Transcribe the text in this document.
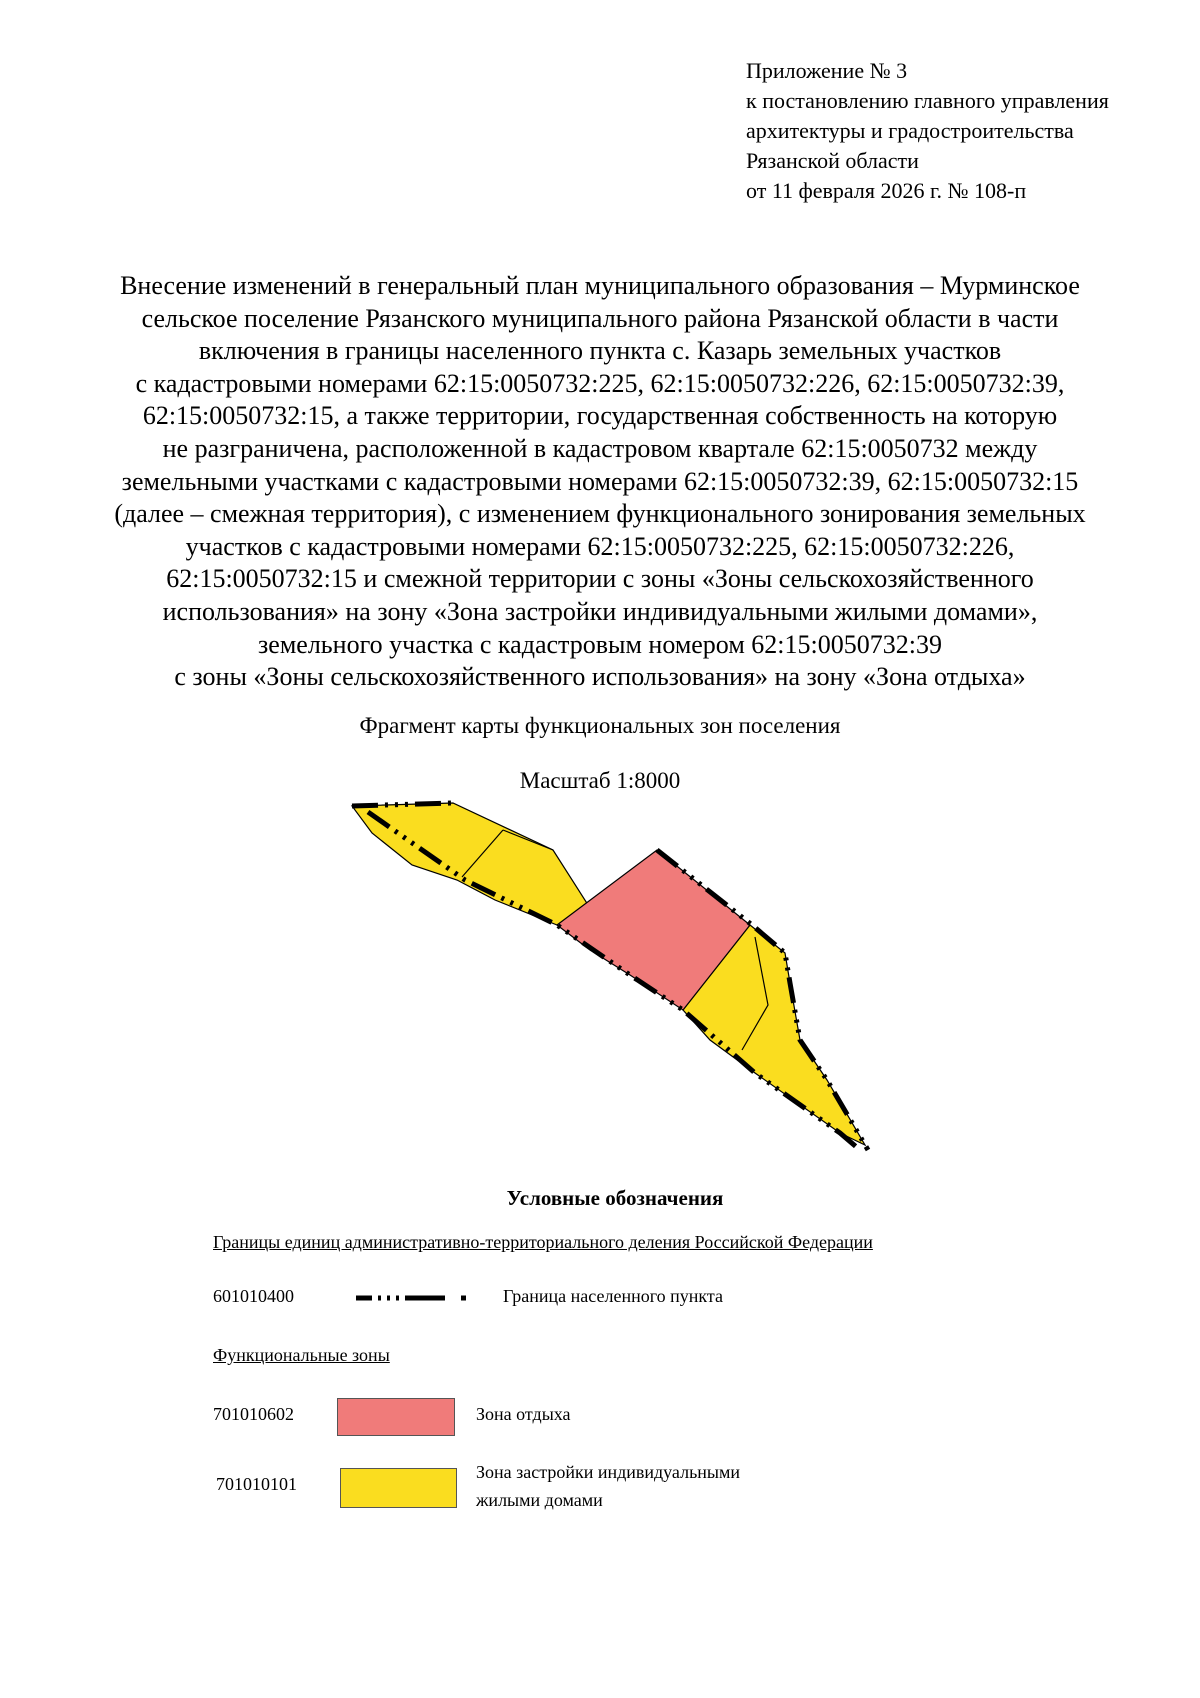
Приложение № 3
к постановлению главного управления
архитектуры и градостроительства
Рязанской области
от 11 февраля 2026 г. № 108-п
Внесение изменений в генеральный план муниципального образования – Мурминское
сельское поселение Рязанского муниципального района Рязанской области в части
включения в границы населенного пункта с. Казарь земельных участков
с кадастровыми номерами 62:15:0050732:225, 62:15:0050732:226, 62:15:0050732:39,
62:15:0050732:15, а также территории, государственная собственность на которую
не разграничена, расположенной в кадастровом квартале 62:15:0050732 между
земельными участками с кадастровыми номерами 62:15:0050732:39, 62:15:0050732:15
(далее – смежная территория), с изменением функционального зонирования земельных
участков с кадастровыми номерами 62:15:0050732:225, 62:15:0050732:226,
62:15:0050732:15 и смежной территории с зоны «Зоны сельскохозяйственного
использования» на зону «Зона застройки индивидуальными жилыми домами»,
земельного участка с кадастровым номером 62:15:0050732:39
с зоны «Зоны сельскохозяйственного использования» на зону «Зона отдыха»
Фрагмент карты функциональных зон поселения
Масштаб 1:8000
Условные обозначения
Границы единиц административно-территориального деления Российской Федерации
601010400	Граница населенного пункта
Функциональные зоны
701010602	Зона отдыха
701010101
Зона застройки индивидуальными
жилыми домами
